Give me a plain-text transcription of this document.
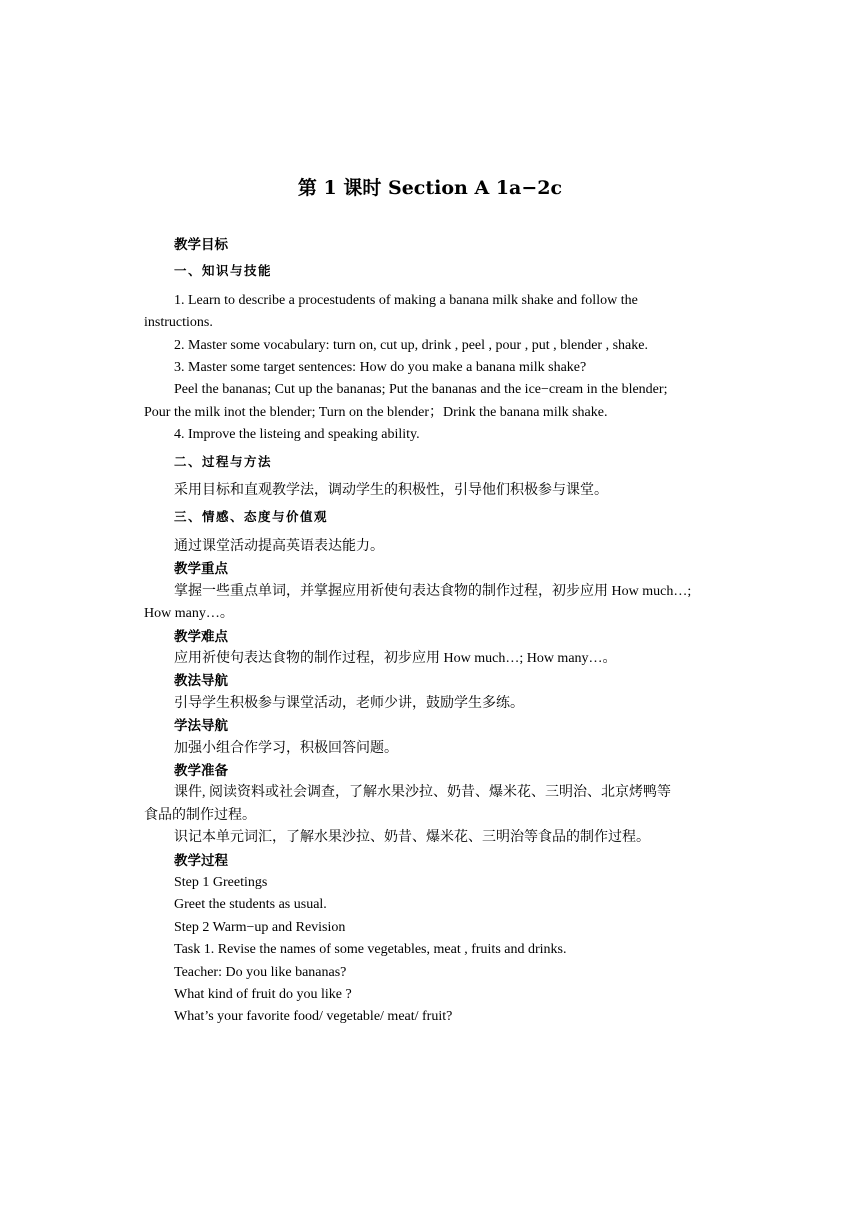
第 1 课时 Section A 1a−2c
教学目标
一、知识与技能
1. Learn to describe a procestudents of making a banana milk shake and follow the
instructions.
2. Master some vocabulary: turn on, cut up, drink , peel , pour , put , blender , shake.
3. Master some target sentences: How do you make a banana milk shake?
Peel the bananas; Cut up the bananas; Put the bananas and the ice−cream in the blender;
Pour the milk inot the blender; Turn on the blender；Drink the banana milk shake.
4. Improve the listeing and speaking ability.
二、过程与方法
采用目标和直观教学法，调动学生的积极性，引导他们积极参与课堂。
三、情感、态度与价值观
通过课堂活动提高英语表达能力。
教学重点
掌握一些重点单词，并掌握应用祈使句表达食物的制作过程，初步应用 How much…;
How many…。
教学难点
应用祈使句表达食物的制作过程，初步应用 How much…; How many…。
教法导航
引导学生积极参与课堂活动，老师少讲，鼓励学生多练。
学法导航
加强小组合作学习，积极回答问题。
教学准备
课件, 阅读资料或社会调查，了解水果沙拉、奶昔、爆米花、三明治、北京烤鸭等
食品的制作过程。
识记本单元词汇，了解水果沙拉、奶昔、爆米花、三明治等食品的制作过程。
教学过程
Step 1 Greetings
Greet the students as usual.
Step 2 Warm−up and Revision
Task 1. Revise the names of some vegetables, meat , fruits and drinks.
Teacher: Do you like bananas?
What kind of fruit do you like ?
What’s your favorite food/ vegetable/ meat/ fruit?
